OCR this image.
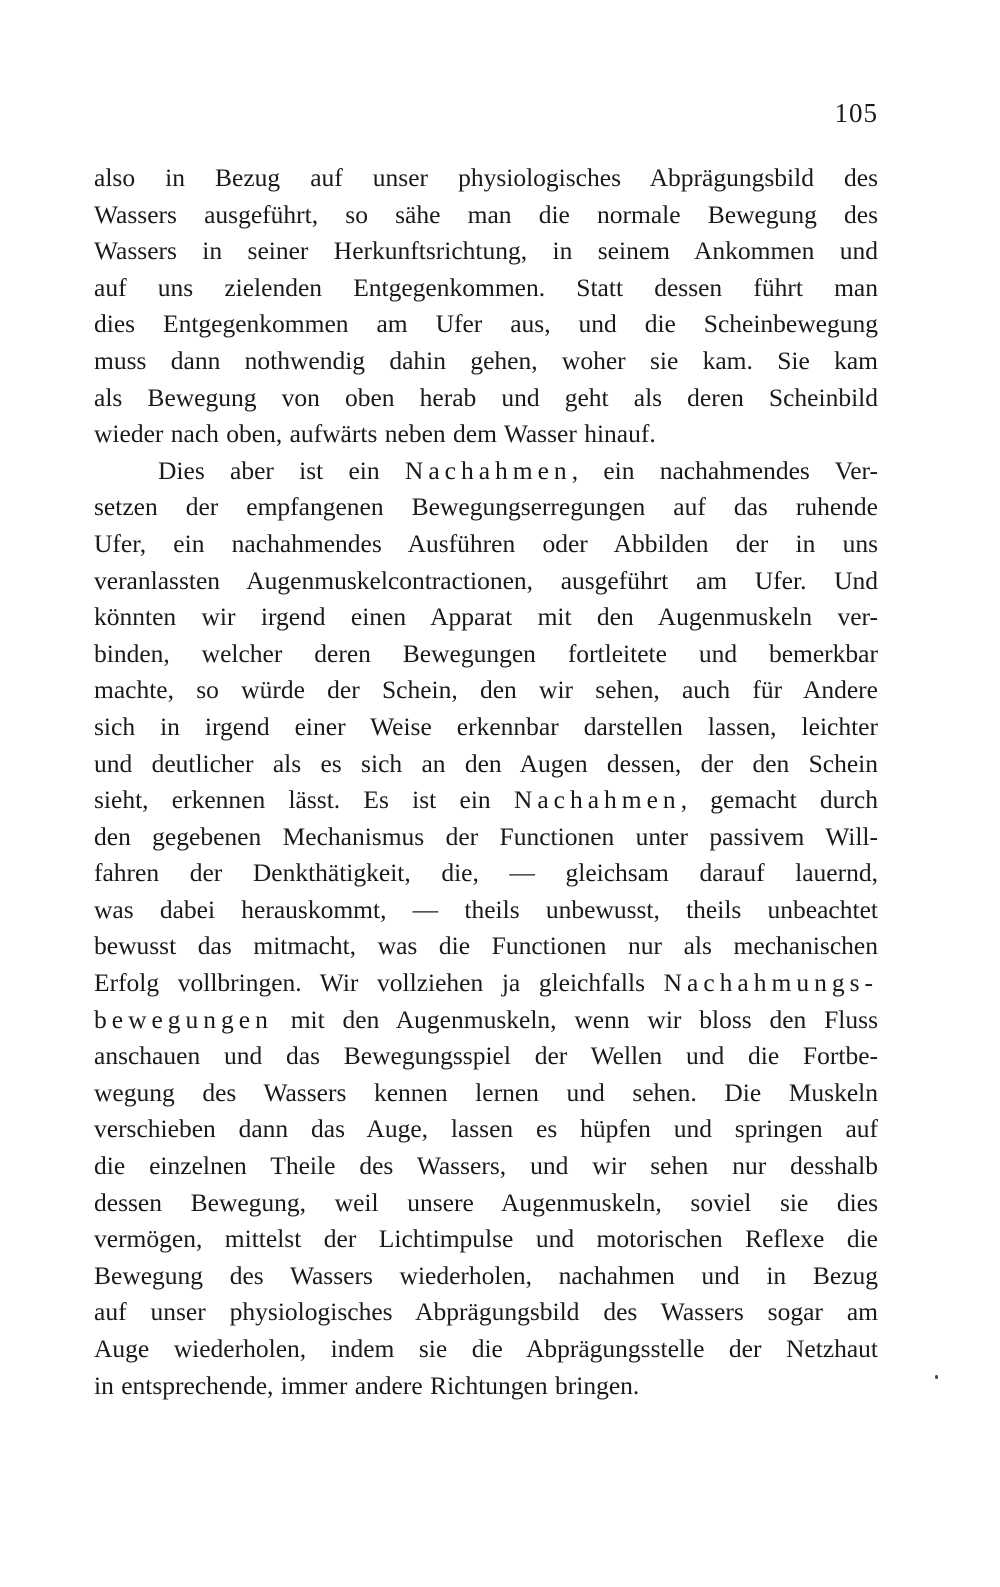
105
also in Bezug auf unser physiologisches Abprägungsbild des
Wassers ausgeführt, so sähe man die normale Bewegung des
Wassers in seiner Herkunftsrichtung, in seinem Ankommen und
auf uns zielenden Entgegenkommen. Statt dessen führt man
dies Entgegenkommen am Ufer aus, und die Scheinbewegung
muss dann nothwendig dahin gehen, woher sie kam. Sie kam
als Bewegung von oben herab und geht als deren Scheinbild
wieder nach oben, aufwärts neben dem Wasser hinauf.
Dies aber ist ein Nachahmen, ein nachahmendes Ver-
setzen der empfangenen Bewegungserregungen auf das ruhende
Ufer, ein nachahmendes Ausführen oder Abbilden der in uns
veranlassten Augenmuskelcontractionen, ausgeführt am Ufer. Und
könnten wir irgend einen Apparat mit den Augenmuskeln ver-
binden, welcher deren Bewegungen fortleitete und bemerkbar
machte, so würde der Schein, den wir sehen, auch für Andere
sich in irgend einer Weise erkennbar darstellen lassen, leichter
und deutlicher als es sich an den Augen dessen, der den Schein
sieht, erkennen lässt. Es ist ein Nachahmen, gemacht durch
den gegebenen Mechanismus der Functionen unter passivem Will-
fahren der Denkthätigkeit, die, — gleichsam darauf lauernd,
was dabei herauskommt, — theils unbewusst, theils unbeachtet
bewusst das mitmacht, was die Functionen nur als mechanischen
Erfolg vollbringen. Wir vollziehen ja gleichfalls Nachahmungs-
bewegungen mit den Augenmuskeln, wenn wir bloss den Fluss
anschauen und das Bewegungsspiel der Wellen und die Fortbe-
wegung des Wassers kennen lernen und sehen. Die Muskeln
verschieben dann das Auge, lassen es hüpfen und springen auf
die einzelnen Theile des Wassers, und wir sehen nur desshalb
dessen Bewegung, weil unsere Augenmuskeln, soviel sie dies
vermögen, mittelst der Lichtimpulse und motorischen Reflexe die
Bewegung des Wassers wiederholen, nachahmen und in Bezug
auf unser physiologisches Abprägungsbild des Wassers sogar am
Auge wiederholen, indem sie die Abprägungsstelle der Netzhaut
in entsprechende, immer andere Richtungen bringen.
